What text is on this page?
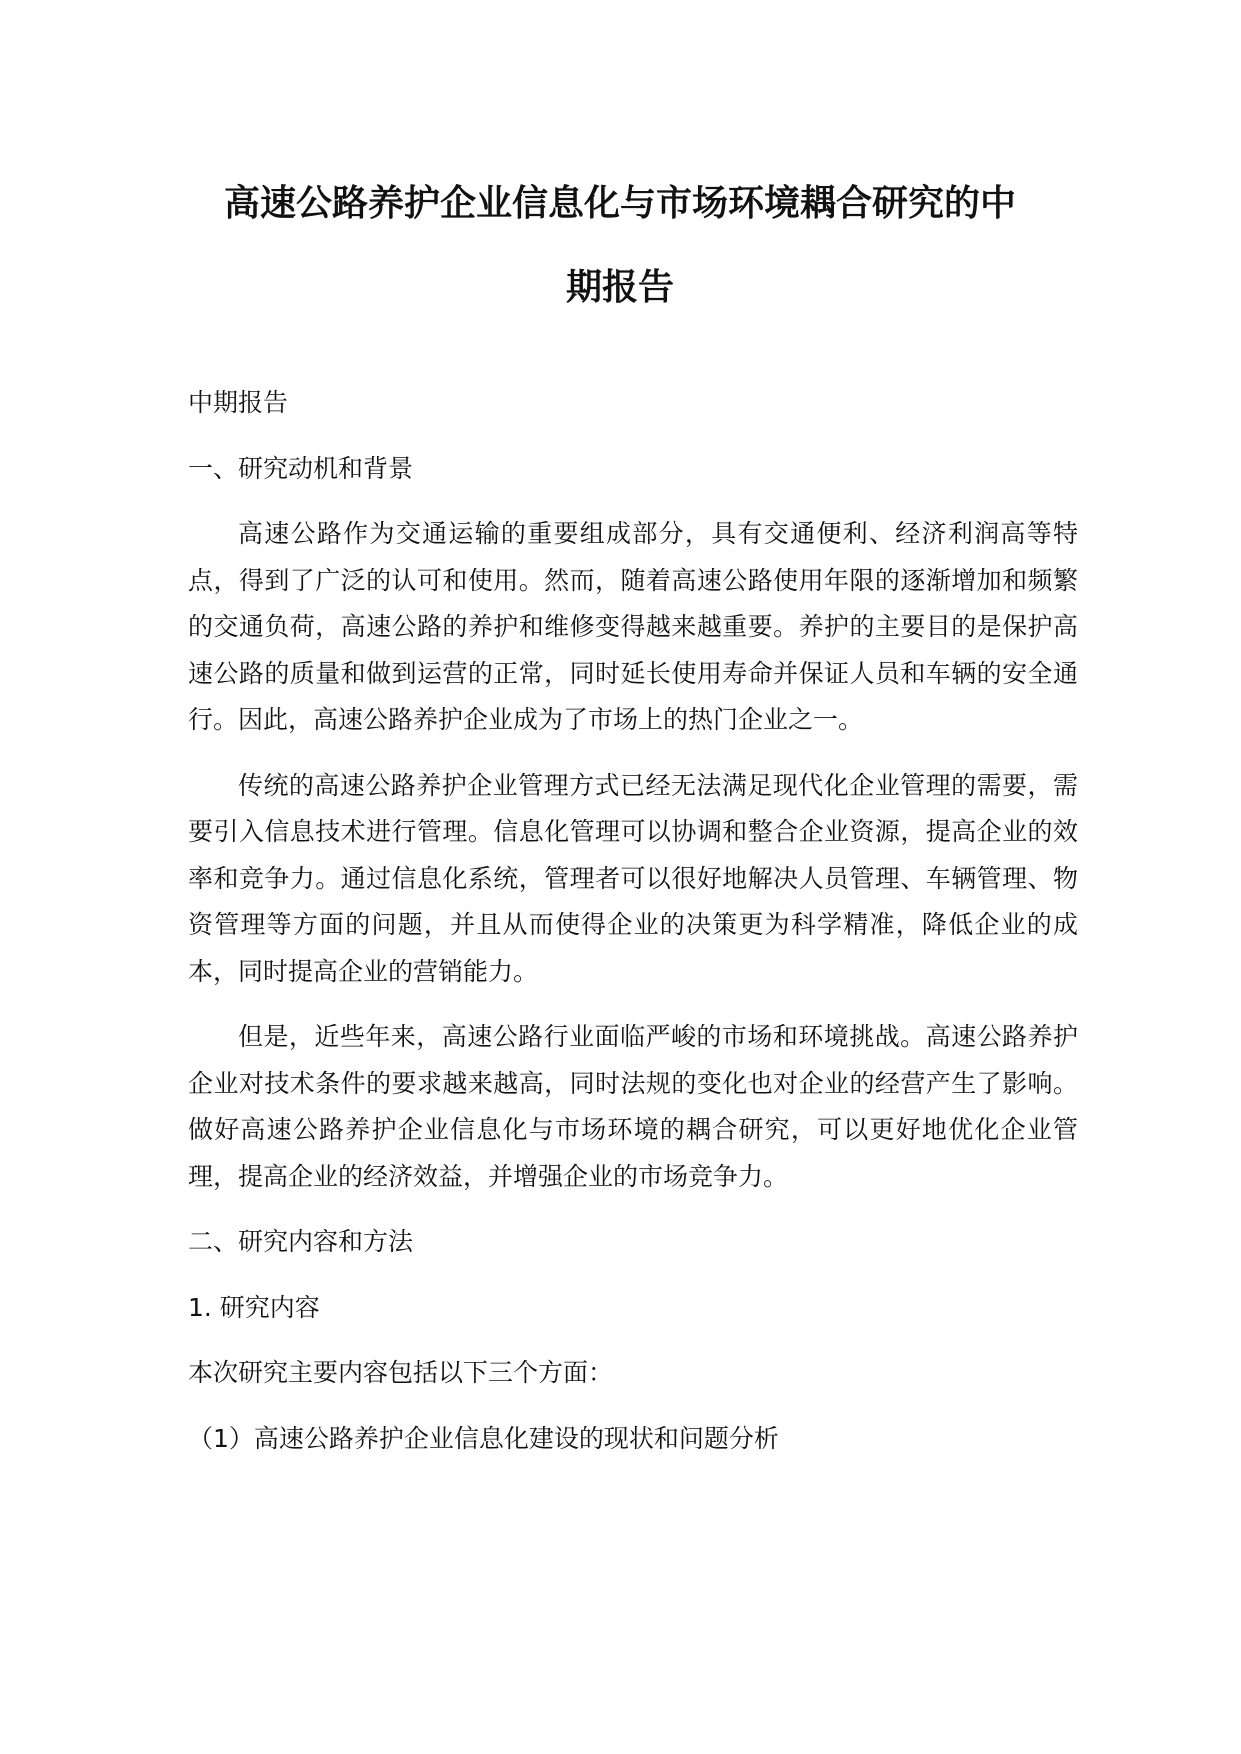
高速公路养护企业信息化与市场环境耦合研究的中
期报告

中期报告

一、研究动机和背景

高速公路作为交通运输的重要组成部分，具有交通便利、经济利润高等特点，得到了广泛的认可和使用。然而，随着高速公路使用年限的逐渐增加和频繁的交通负荷，高速公路的养护和维修变得越来越重要。养护的主要目的是保护高速公路的质量和做到运营的正常，同时延长使用寿命并保证人员和车辆的安全通行。因此，高速公路养护企业成为了市场上的热门企业之一。

传统的高速公路养护企业管理方式已经无法满足现代化企业管理的需要，需要引入信息技术进行管理。信息化管理可以协调和整合企业资源，提高企业的效率和竞争力。通过信息化系统，管理者可以很好地解决人员管理、车辆管理、物资管理等方面的问题，并且从而使得企业的决策更为科学精准，降低企业的成本，同时提高企业的营销能力。

但是，近些年来，高速公路行业面临严峻的市场和环境挑战。高速公路养护企业对技术条件的要求越来越高，同时法规的变化也对企业的经营产生了影响。做好高速公路养护企业信息化与市场环境的耦合研究，可以更好地优化企业管理，提高企业的经济效益，并增强企业的市场竞争力。

二、研究内容和方法

1. 研究内容

本次研究主要内容包括以下三个方面：

（1）高速公路养护企业信息化建设的现状和问题分析
